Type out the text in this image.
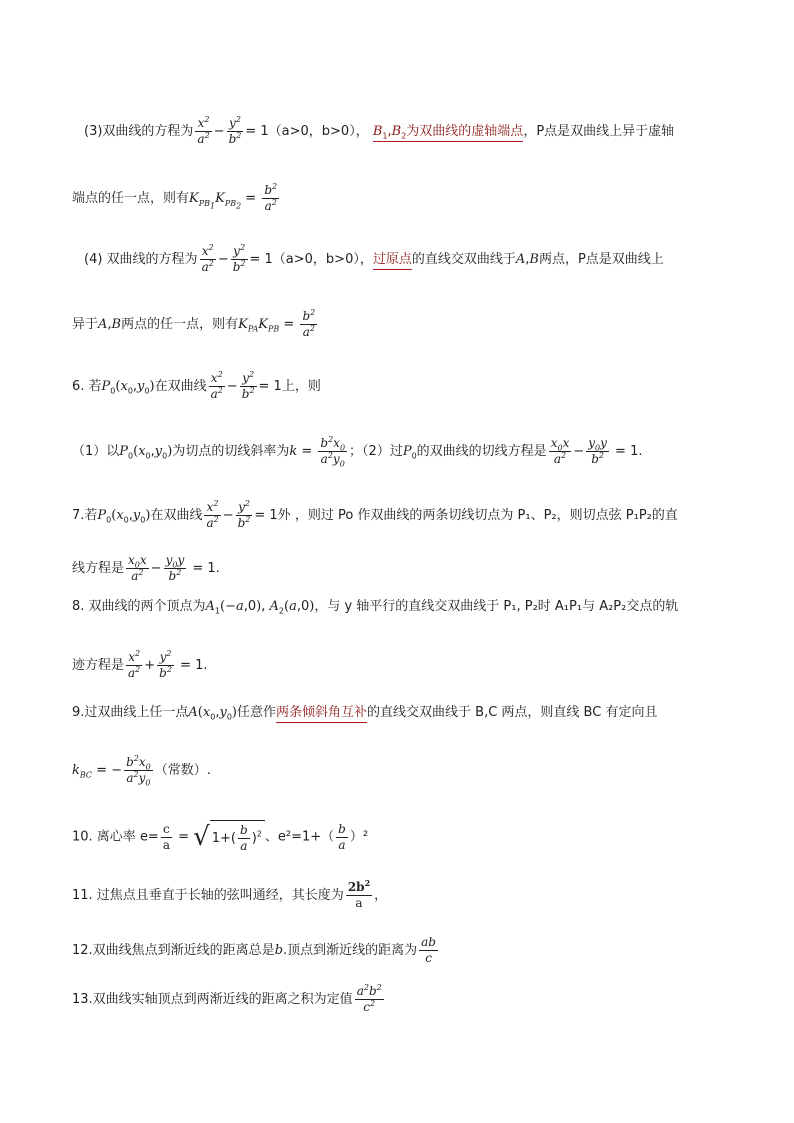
(3)双曲线的方程为 $\frac{x^2}{a^2} - \frac{y^2}{b^2} = 1(a>0$，b>0）， $B_1,B_2$为双曲线的虚轴端点，P点是双曲线上异于虚轴
端点的任一点，则有$K_{PB_1}K_{PB_2} = \frac{b^2}{a^2}$
(4) 双曲线的方程为 $\frac{x^2}{a^2} - \frac{y^2}{b^2} = 1(a>0$，b>0），过原点的直线交双曲线于A,B两点，P点是双曲线上
异于A,B两点的任一点，则有$K_{PA}K_{PB} = \frac{b^2}{a^2}$
6. 若$P_0(x_0,y_0)$在双曲线 $\frac{x^2}{a^2} - \frac{y^2}{b^2} = 1$上，则
（1）以$P_0(x_0,y_0)$为切点的切线斜率为$k = \frac{b^2x_0}{a^2y_0}$ ；（2）过$P_0$的双曲线的切线方程是 $\frac{x_0x}{a^2} - \frac{y_0y}{b^2} = 1$.
7.若$P_0(x_0,y_0)$在双曲线 $\frac{x^2}{a^2} - \frac{y^2}{b^2} = 1$外 ，则过 Po 作双曲线的两条切线切点为 P₁、P₂，则切点弦 P₁P₂的直
线方程是 $\frac{x_0x}{a^2} - \frac{y_0y}{b^2} = 1$.
8. 双曲线的两个顶点为$A_1(-a,0)$, $A_2(a,0)$，与 y 轴平行的直线交双曲线于 P₁, P₂时 A₁P₁与 A₂P₂交点的轨
迹方程是 $\frac{x^2}{a^2} + \frac{y^2}{b^2} = 1$.
9.过双曲线上任一点$A(x_0,y_0)$任意作两条倾斜角互补的直线交双曲线于 B,C 两点，则直线 BC 有定向且
$k_{BC}$ = − $\frac{b^2x_0}{a^2y_0}$ （常数）.
10. 离心率 $e= \frac{c}{a}$ = √ $1+( \frac{b}{a} )^2$ 、$e^2=1+( \frac{b}{a} )^2$
11. 过焦点且垂直于长轴的弦叫通经，其长度为 $\frac{2b^2}{a}$ ，
12.双曲线焦点到渐近线的距离总是b.顶点到渐近线的距离为 $\frac{ab}{c}$
13.双曲线实轴顶点到两渐近线的距离之积为定值 $\frac{a^2b^2}{c^2}$
